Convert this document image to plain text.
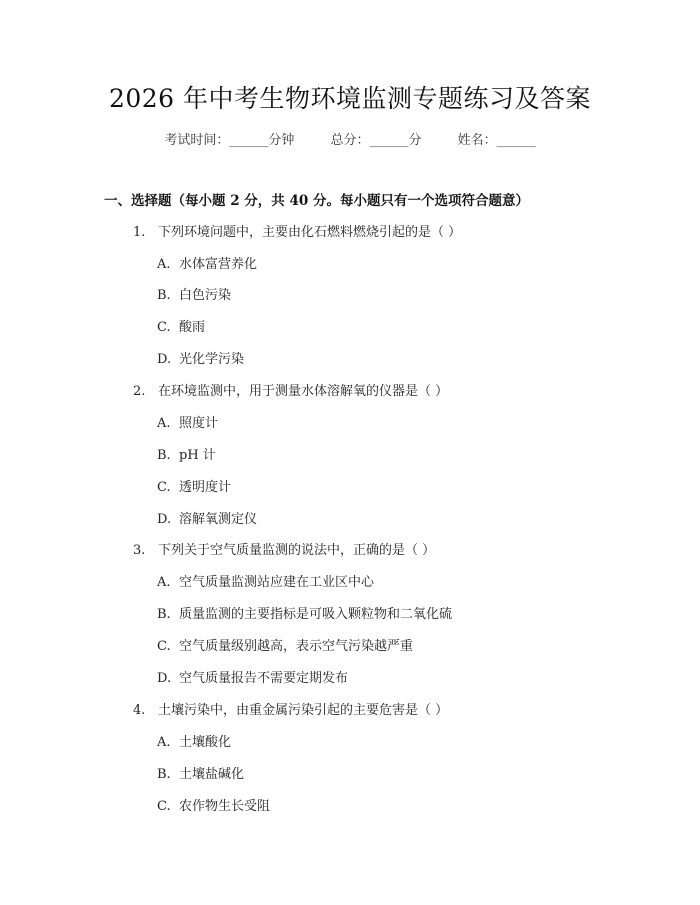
2026 年中考生物环境监测专题练习及答案
考试时间：______分钟	总分：______分	姓名：______
一、选择题（每小题 2 分，共 40 分。每小题只有一个选项符合题意）
1. 下列环境问题中，主要由化石燃料燃烧引起的是（ ）
A. 水体富营养化
B. 白色污染
C. 酸雨
D. 光化学污染
2. 在环境监测中，用于测量水体溶解氧的仪器是（ ）
A. 照度计
B. pH 计
C. 透明度计
D. 溶解氧测定仪
3. 下列关于空气质量监测的说法中，正确的是（ ）
A. 空气质量监测站应建在工业区中心
B. 质量监测的主要指标是可吸入颗粒物和二氧化硫
C. 空气质量级别越高，表示空气污染越严重
D. 空气质量报告不需要定期发布
4. 土壤污染中，由重金属污染引起的主要危害是（ ）
A. 土壤酸化
B. 土壤盐碱化
C. 农作物生长受阻
